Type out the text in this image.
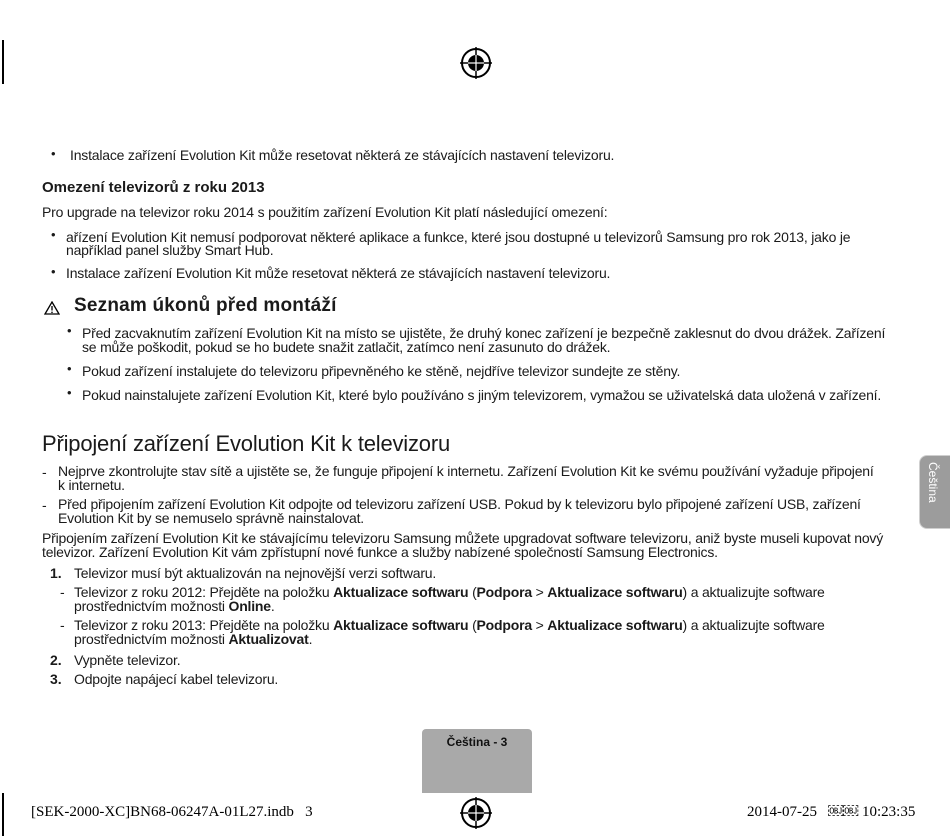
• Instalace zařízení Evolution Kit může resetovat některá ze stávajících nastavení televizoru.
Omezení televizorů z roku 2013
Pro upgrade na televizor roku 2014 s použitím zařízení Evolution Kit platí následující omezení:
• ařízení Evolution Kit nemusí podporovat některé aplikace a funkce, které jsou dostupné u televizorů Samsung pro rok 2013, jako je
například panel služby Smart Hub.
• Instalace zařízení Evolution Kit může resetovat některá ze stávajících nastavení televizoru.
Seznam úkonů před montáží
• Před zacvaknutím zařízení Evolution Kit na místo se ujistěte, že druhý konec zařízení je bezpečně zaklesnut do dvou drážek. Zařízení
se může poškodit, pokud se ho budete snažit zatlačit, zatímco není zasunuto do drážek.
• Pokud zařízení instalujete do televizoru připevněného ke stěně, nejdříve televizor sundejte ze stěny.
• Pokud nainstalujete zařízení Evolution Kit, které bylo používáno s jiným televizorem, vymažou se uživatelská data uložená v zařízení.
Připojení zařízení Evolution Kit k televizoru
- Nejprve zkontrolujte stav sítě a ujistěte se, že funguje připojení k internetu. Zařízení Evolution Kit ke svému používání vyžaduje připojení
k internetu.
- Před připojením zařízení Evolution Kit odpojte od televizoru zařízení USB. Pokud by k televizoru bylo připojené zařízení USB, zařízení
Evolution Kit by se nemuselo správně nainstalovat.
Připojením zařízení Evolution Kit ke stávajícímu televizoru Samsung můžete upgradovat software televizoru, aniž byste museli kupovat nový
televizor. Zařízení Evolution Kit vám zpřístupní nové funkce a služby nabízené společností Samsung Electronics.
1. Televizor musí být aktualizován na nejnovější verzi softwaru.
- Televizor z roku 2012: Přejděte na položku Aktualizace softwaru (Podpora > Aktualizace softwaru) a aktualizujte software
prostřednictvím možnosti Online.
- Televizor z roku 2013: Přejděte na položku Aktualizace softwaru (Podpora > Aktualizace softwaru) a aktualizujte software
prostřednictvím možnosti Aktualizovat.
2. Vypněte televizor.
3. Odpojte napájecí kabel televizoru.
Čeština
Čeština - 3
[SEK-2000-XC]BN68-06247A-01L27.indb   3	2014-07-25   ￼￼ 10:23:35
